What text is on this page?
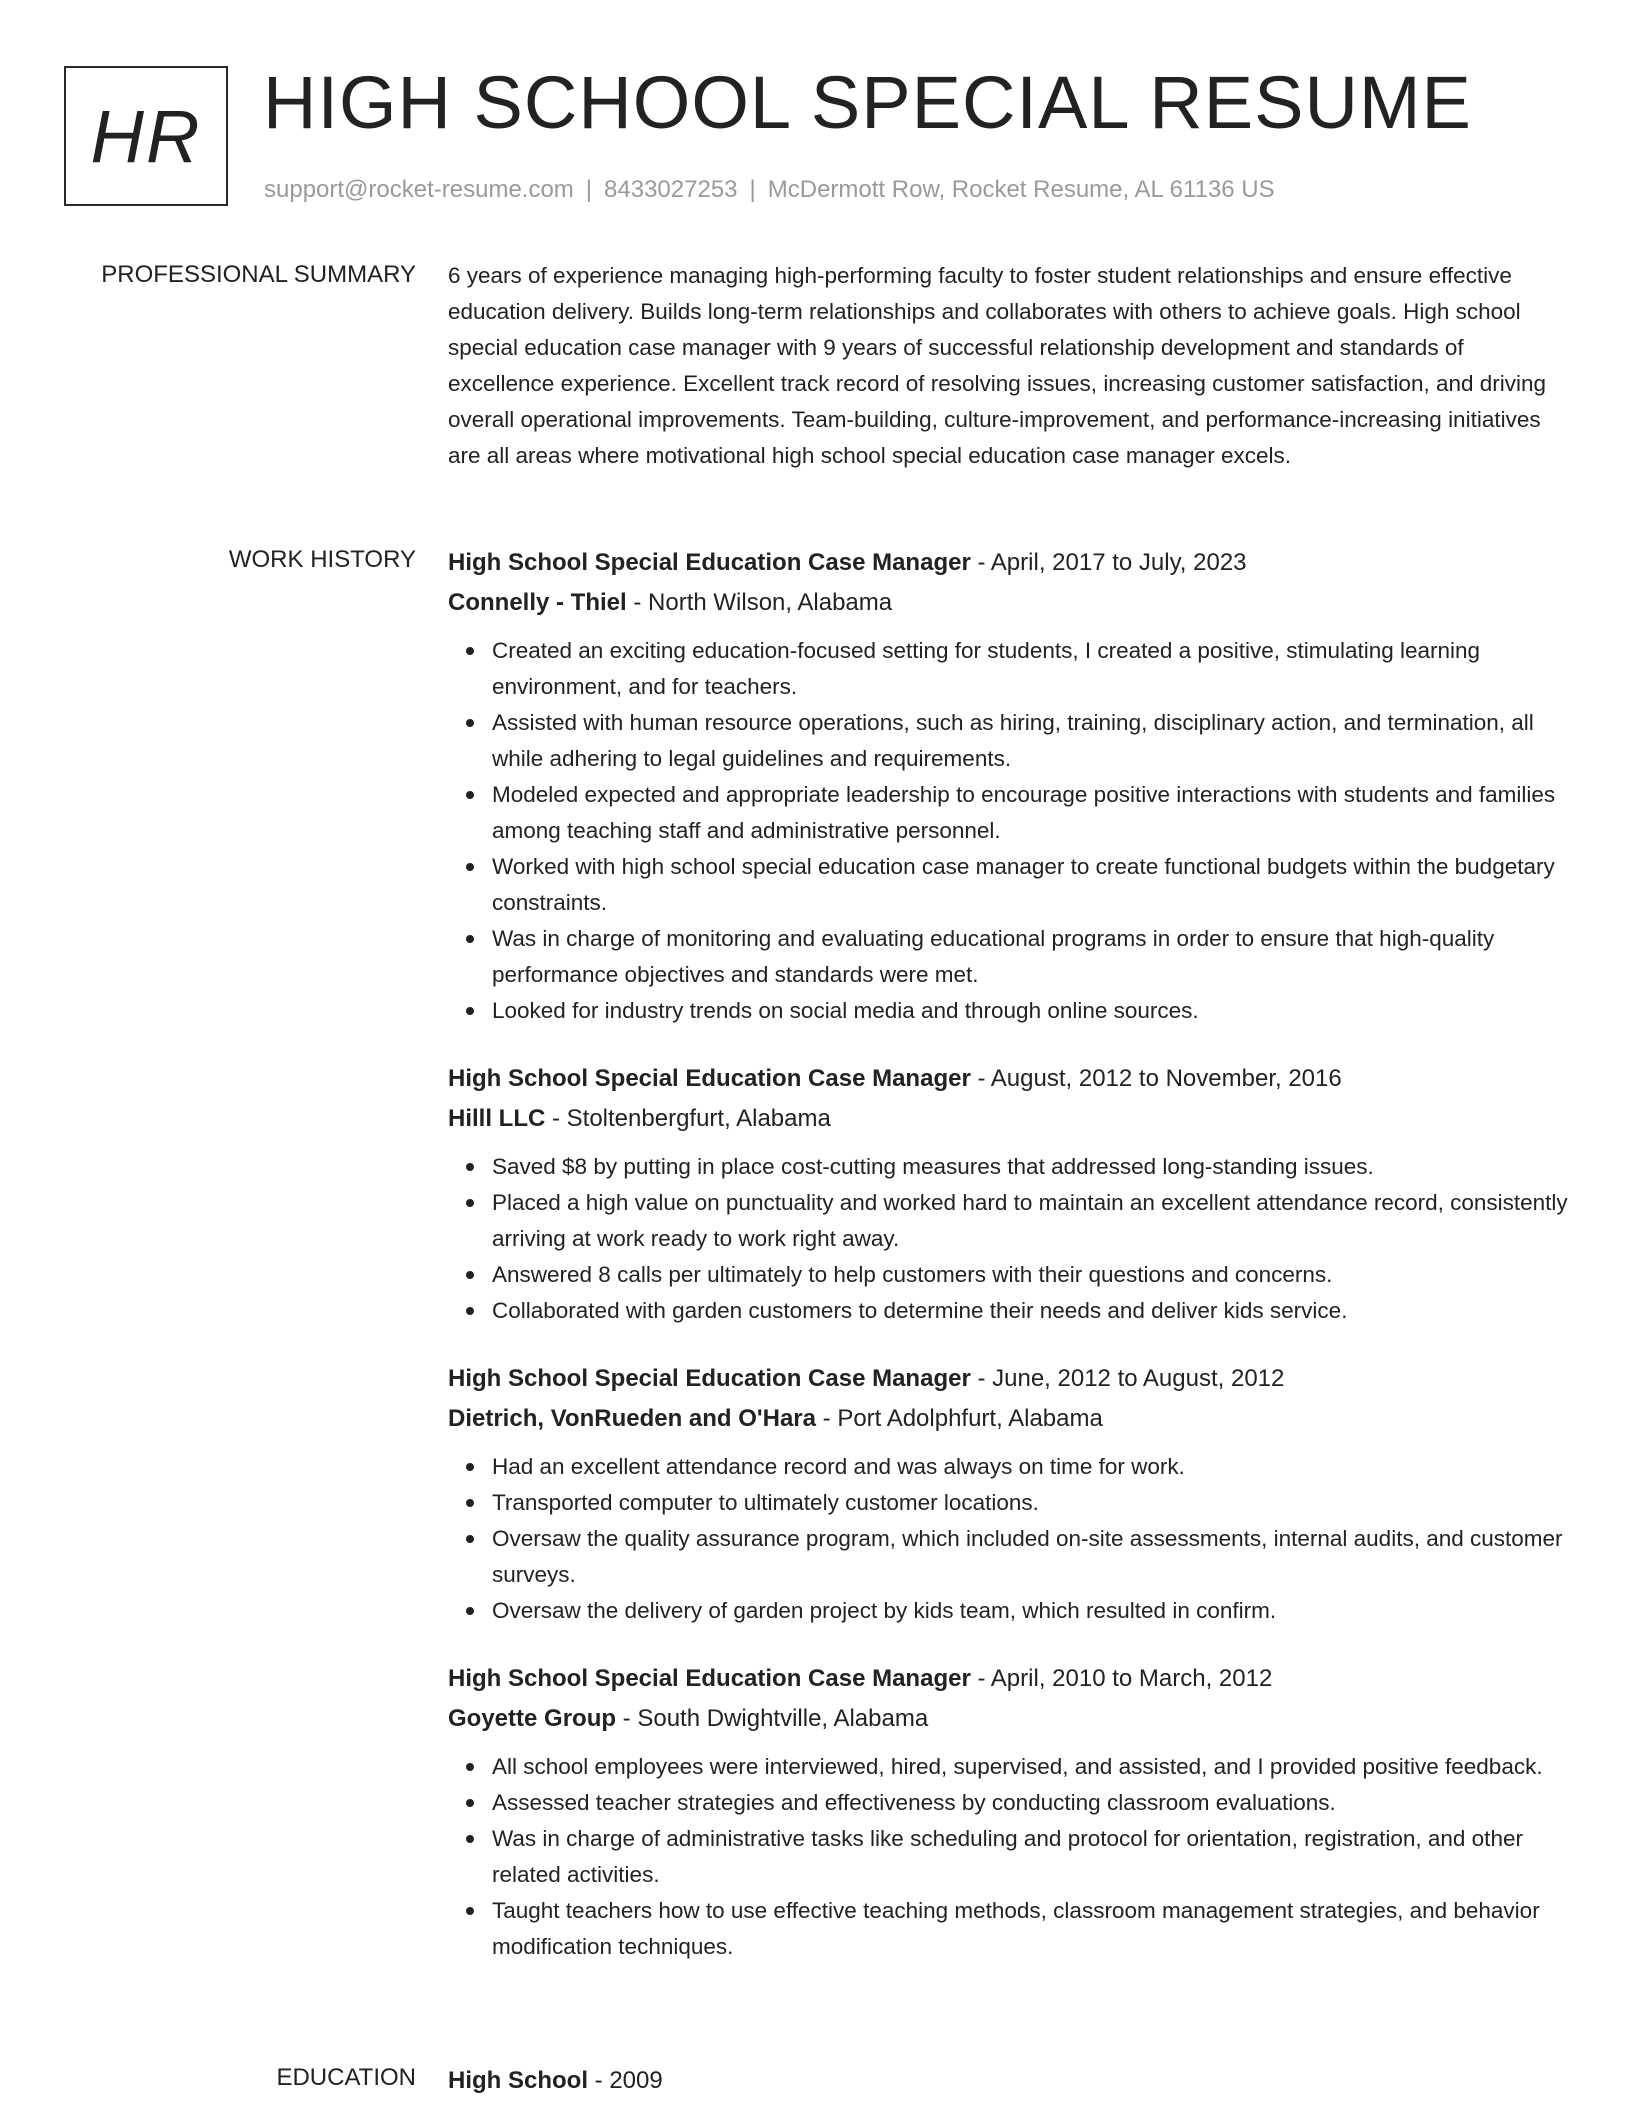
HR HIGH SCHOOL SPECIAL RESUME
support@rocket-resume.com | 8433027253 | McDermott Row, Rocket Resume, AL 61136 US
PROFESSIONAL SUMMARY 6 years of experience managing high-performing faculty to foster student relationships and ensure effective education delivery. Builds long-term relationships and collaborates with others to achieve goals. High school special education case manager with 9 years of successful relationship development and standards of excellence experience. Excellent track record of resolving issues, increasing customer satisfaction, and driving overall operational improvements. Team-building, culture-improvement, and performance-increasing initiatives are all areas where motivational high school special education case manager excels.

WORK HISTORY High School Special Education Case Manager - April, 2017 to July, 2023
Connelly - Thiel - North Wilson, Alabama
Created an exciting education-focused setting for students, I created a positive, stimulating learning environment, and for teachers.
Assisted with human resource operations, such as hiring, training, disciplinary action, and termination, all while adhering to legal guidelines and requirements.
Modeled expected and appropriate leadership to encourage positive interactions with students and families among teaching staff and administrative personnel.
Worked with high school special education case manager to create functional budgets within the budgetary constraints.
Was in charge of monitoring and evaluating educational programs in order to ensure that high-quality performance objectives and standards were met.
Looked for industry trends on social media and through online sources.
High School Special Education Case Manager - August, 2012 to November, 2016
Hilll LLC - Stoltenbergfurt, Alabama
Saved $8 by putting in place cost-cutting measures that addressed long-standing issues.
Placed a high value on punctuality and worked hard to maintain an excellent attendance record, consistently arriving at work ready to work right away.
Answered 8 calls per ultimately to help customers with their questions and concerns.
Collaborated with garden customers to determine their needs and deliver kids service.
High School Special Education Case Manager - June, 2012 to August, 2012
Dietrich, VonRueden and O'Hara - Port Adolphfurt, Alabama
Had an excellent attendance record and was always on time for work.
Transported computer to ultimately customer locations.
Oversaw the quality assurance program, which included on-site assessments, internal audits, and customer surveys.
Oversaw the delivery of garden project by kids team, which resulted in confirm.
High School Special Education Case Manager - April, 2010 to March, 2012
Goyette Group - South Dwightville, Alabama
All school employees were interviewed, hired, supervised, and assisted, and I provided positive feedback.
Assessed teacher strategies and effectiveness by conducting classroom evaluations.
Was in charge of administrative tasks like scheduling and protocol for orientation, registration, and other related activities.
Taught teachers how to use effective teaching methods, classroom management strategies, and behavior modification techniques.
EDUCATION High School - 2009
